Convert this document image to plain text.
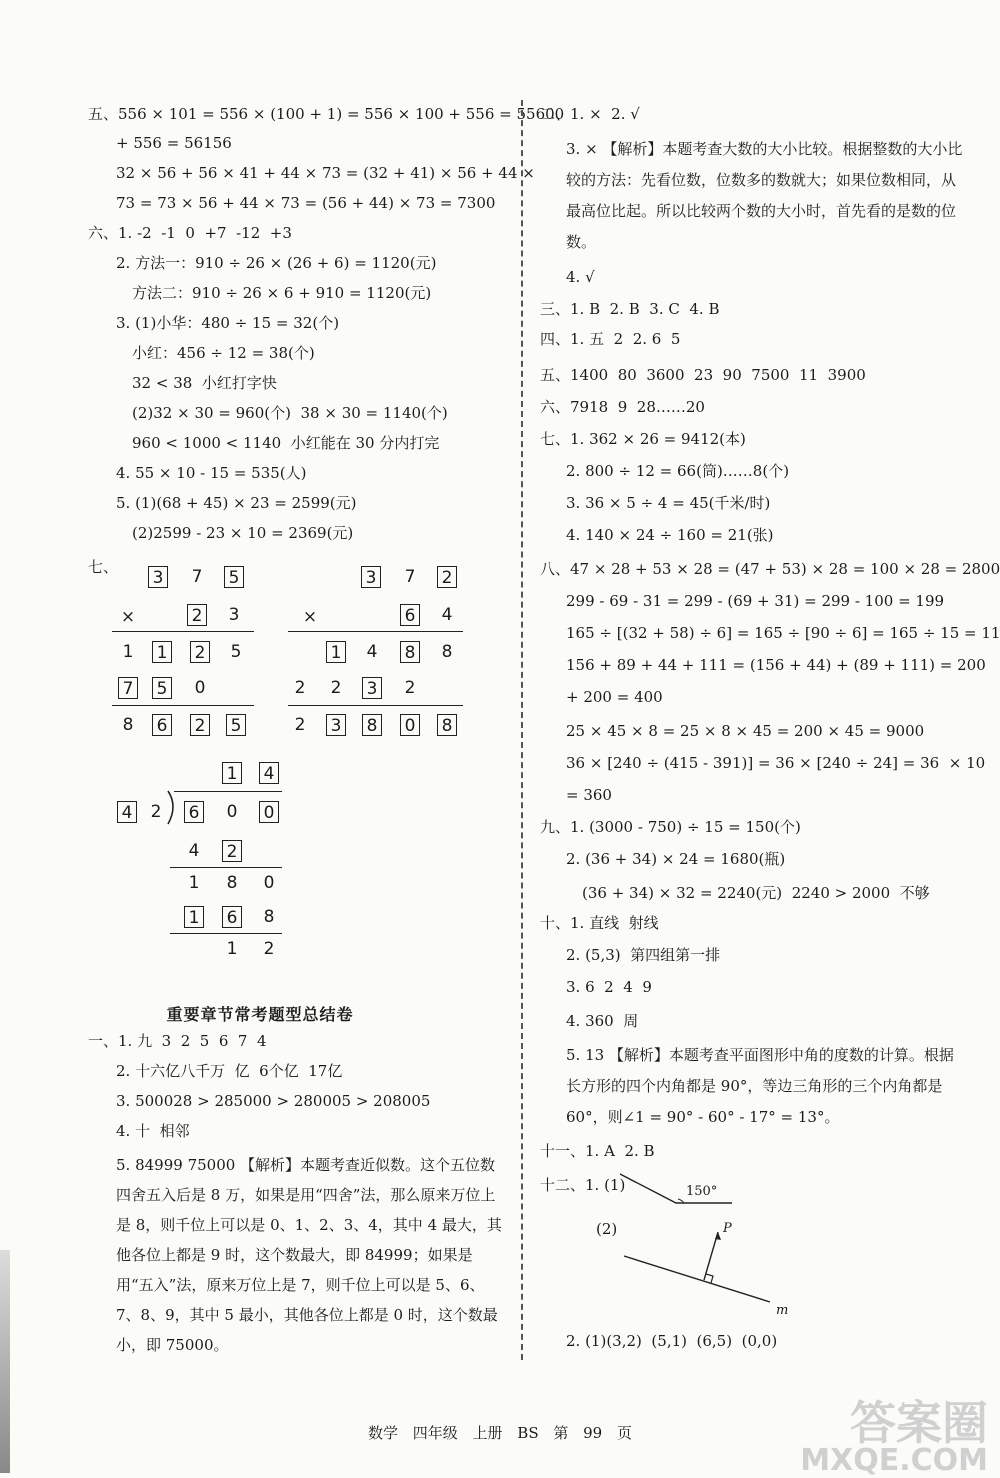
五、556 × 101 = 556 × (100 + 1) = 556 × 100 + 556 = 55600
+ 556 = 56156
32 × 56 + 56 × 41 + 44 × 73 = (32 + 41) × 56 + 44 ×
73 = 73 × 56 + 44 × 73 = (56 + 44) × 73 = 7300
六、1. -2  -1  0  +7  -12  +3
2. 方法一：910 ÷ 26 × (26 + 6) = 1120(元)
方法二：910 ÷ 26 × 6 + 910 = 1120(元)
3. (1)小华：480 ÷ 15 = 32(个)
小红：456 ÷ 12 = 38(个)
32 < 38  小红打字快
(2)32 × 30 = 960(个)  38 × 30 = 1140(个)
960 < 1000 < 1140  小红能在 30 分内打完
4. 55 × 10 - 15 = 535(人)
5. (1)(68 + 45) × 23 = 2599(元)
(2)2599 - 23 × 10 = 2369(元)
七、
3 7 5
×	2 3
1 1 2 5
7 5 0
8 6 2 5
3 7 2
×	6 4
1 4 8 8
2 2 3 2
2 3 8 0 8
1 4
4 2 6 0 0
4 2
1 8 0
1 6 8
1 2
重要章节常考题型总结卷
一、1. 九  3  2  5  6  7  4
2. 十六亿八千万  亿  6个亿  17亿
3. 500028 > 285000 > 280005 > 208005
4. 十  相邻
5. 84999 75000 【解析】本题考查近似数。这个五位数四舍五入后是 8 万，如果是用“四舍”法，那么原来万位上是 8，则千位上可以是 0、1、2、3、4，其中 4 最大，其他各位上都是 9 时，这个数最大，即 84999；如果是用“五入”法，原来万位上是 7，则千位上可以是 5、6、7、8、9，其中 5 最小，其他各位上都是 0 时，这个数最小，即 75000。
二、1. ×  2. √
3. × 【解析】本题考查大数的大小比较。根据整数的大小比较的方法：先看位数，位数多的数就大；如果位数相同，从最高位比起。所以比较两个数的大小时，首先看的是数的位数。
4. √
三、1. B  2. B  3. C  4. B
四、1. 五  2  2. 6  5
五、1400  80  3600  23  90  7500  11  3900
六、7918  9  28……20
七、1. 362 × 26 = 9412(本)
2. 800 ÷ 12 = 66(筒)……8(个)
3. 36 × 5 ÷ 4 = 45(千米/时)
4. 140 × 24 ÷ 160 = 21(张)
八、47 × 28 + 53 × 28 = (47 + 53) × 28 = 100 × 28 = 2800
299 - 69 - 31 = 299 - (69 + 31) = 299 - 100 = 199
165 ÷ [(32 + 58) ÷ 6] = 165 ÷ [90 ÷ 6] = 165 ÷ 15 = 11
156 + 89 + 44 + 111 = (156 + 44) + (89 + 111) = 200
+ 200 = 400
25 × 45 × 8 = 25 × 8 × 45 = 200 × 45 = 9000
36 × [240 ÷ (415 - 391)] = 36 × [240 ÷ 24] = 36  × 10
= 360
九、1. (3000 - 750) ÷ 15 = 150(个)
2. (36 + 34) × 24 = 1680(瓶)
(36 + 34) × 32 = 2240(元)  2240 > 2000  不够
十、1. 直线  射线
2. (5,3)  第四组第一排
3. 6  2  4  9
4. 360  周
5. 13 【解析】本题考查平面图形中角的度数的计算。根据长方形的四个内角都是 90°，等边三角形的三个内角都是 60°，则∠1 = 90° - 60° - 17° = 13°。
十一、1. A  2. B
十二、1. (1)	150°
(2)	P
m
2. (1)(3,2)  (5,1)  (6,5)  (0,0)
数学 四年级 上册 BS 第 99 页	答案圈
MXQE.COM
